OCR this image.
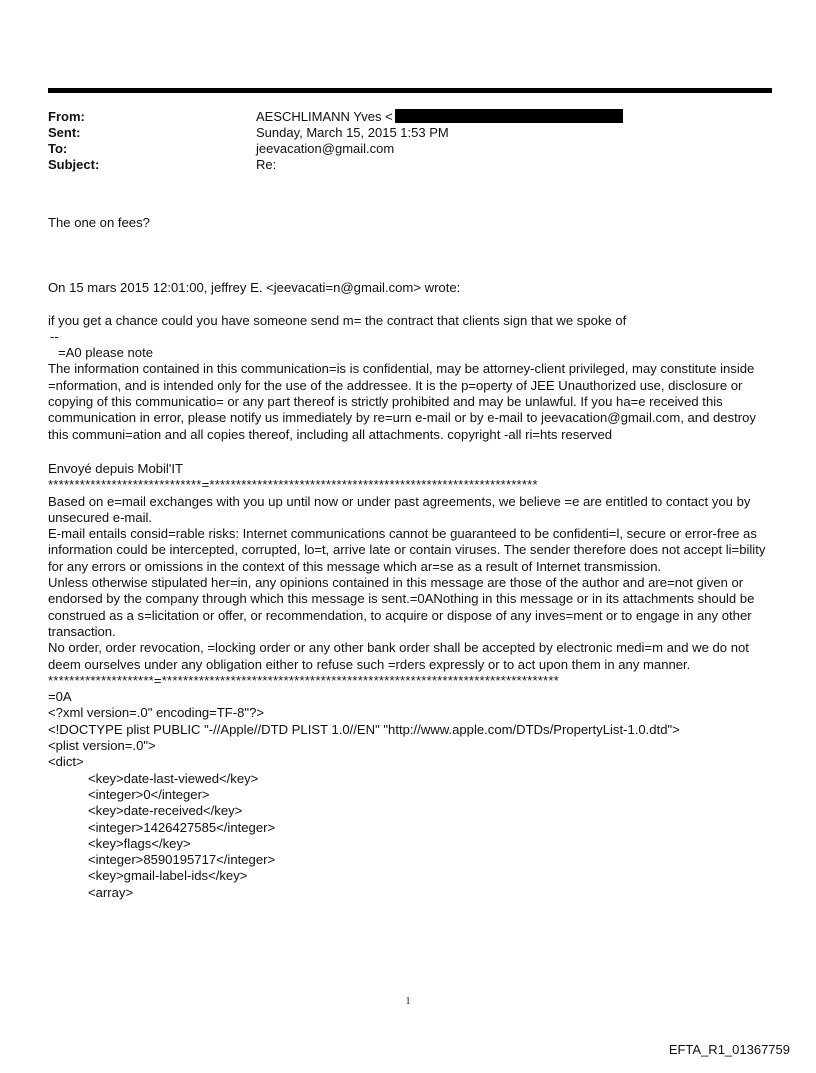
From:	AESCHLIMANN Yves <
Sent:	Sunday, March 15, 2015 1:53 PM
To:	jeevacation@gmail.com
Subject:	Re:

The one on fees?

On 15 mars 2015 12:01:00, jeffrey E. <jeevacati=n@gmail.com> wrote:

if you get a chance could you have someone send m= the contract that clients sign that we spoke of

--

=A0 please note

The information contained in this communication=is is confidential, may be attorney-client privileged, may constitute inside =nformation, and is intended only for the use of the addressee. It is the p=operty of JEE Unauthorized use, disclosure or copying of this communicatio= or any part thereof is strictly prohibited and may be unlawful. If you ha=e received this communication in error, please notify us immediately by re=urn e-mail or by e-mail to jeevacation@gmail.com, and destroy this communi=ation and all copies thereof, including all attachments. copyright -all ri=hts reserved

Envoyé depuis Mobil'IT

*****************************=**************************************************************

Based on e=mail exchanges with you up until now or under past agreements, we believe =e are entitled to contact you by unsecured e-mail.

E-mail entails consid=rable risks: Internet communications cannot be guaranteed to be confidenti=l, secure or error-free as information could be intercepted, corrupted, lo=t, arrive late or contain viruses. The sender therefore does not accept li=bility for any errors or omissions in the context of this message which ar=se as a result of Internet transmission.

Unless otherwise stipulated her=in, any opinions contained in this message are those of the author and are=not given or endorsed by the company through which this message is sent.=0ANothing in this message or in its attachments should be construed as a s=licitation or offer, or recommendation, to acquire or dispose of any inves=ment or to engage in any other transaction.

No order, order revocation, =locking order or any other bank order shall be accepted by electronic medi=m and we do not deem ourselves under any obligation either to refuse such =rders expressly or to act upon them in any manner.

********************=***************************************************************************

=0A

<?xml version=.0" encoding=TF-8"?>

<!DOCTYPE plist PUBLIC "-//Apple//DTD PLIST 1.0//EN" "http://www.apple.com/DTDs/PropertyList-1.0.dtd">

<plist version=.0">

<dict>

<key>date-last-viewed</key>

<integer>0</integer>

<key>date-received</key>

<integer>1426427585</integer>

<key>flags</key>

<integer>8590195717</integer>

<key>gmail-label-ids</key>

<array>

1
EFTA_R1_01367759
